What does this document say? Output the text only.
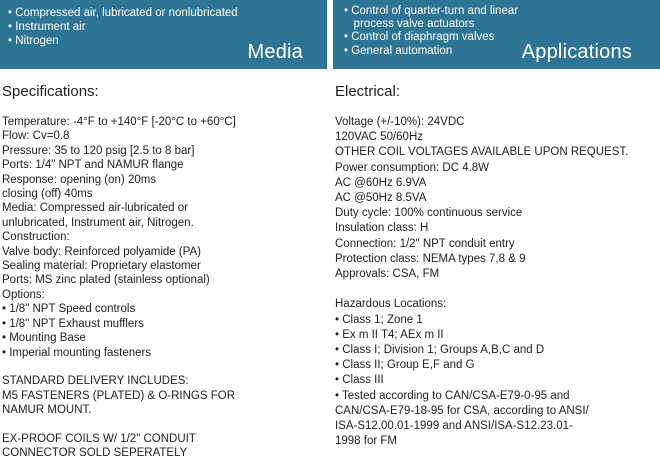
• Compressed air, lubricated or nonlubricated
• Instrument air
• Nitrogen	Media
• Control of quarter-turn and linear
process valve actuators
• Control of diaphragm valves
• General automation	Applications
Specifications:
Temperature: -4°F to +140°F [-20°C to +60°C]
Flow: Cv=0.8
Pressure: 35 to 120 psig [2.5 to 8 bar]
Ports: 1/4" NPT and NAMUR flange
Response: opening (on) 20ms
closing (off) 40ms
Media: Compressed air-lubricated or
unlubricated, Instrument air, Nitrogen.
Construction:
Valve body: Reinforced polyamide (PA)
Sealing material: Proprietary elastomer
Ports: MS zinc plated (stainless optional)
Options:
• 1/8" NPT Speed controls
• 1/8" NPT Exhaust mufflers
• Mounting Base
• Imperial mounting fasteners
STANDARD DELIVERY INCLUDES:
M5 FASTENERS (PLATED) & O-RINGS FOR
NAMUR MOUNT.
EX-PROOF COILS W/ 1/2" CONDUIT
CONNECTOR SOLD SEPERATELY
Electrical:
Voltage (+/-10%): 24VDC
120VAC 50/60Hz
OTHER COIL VOLTAGES AVAILABLE UPON REQUEST.
Power consumption: DC 4.8W
AC @60Hz 6.9VA
AC @50Hz 8.5VA
Duty cycle: 100% continuous service
Insulation class: H
Connection: 1/2" NPT conduit entry
Protection class: NEMA types 7,8 & 9
Approvals: CSA, FM
Hazardous Locations:
• Class 1; Zone 1
• Ex m II T4; AEx m II
• Class I; Division 1; Groups A,B,C and D
• Class II; Group E,F and G
• Class III
• Tested according to CAN/CSA-E79-0-95 and
CAN/CSA-E79-18-95 for CSA, according to ANSI/
ISA-S12.00.01-1999 and ANSI/ISA-S12.23.01-
1998 for FM
